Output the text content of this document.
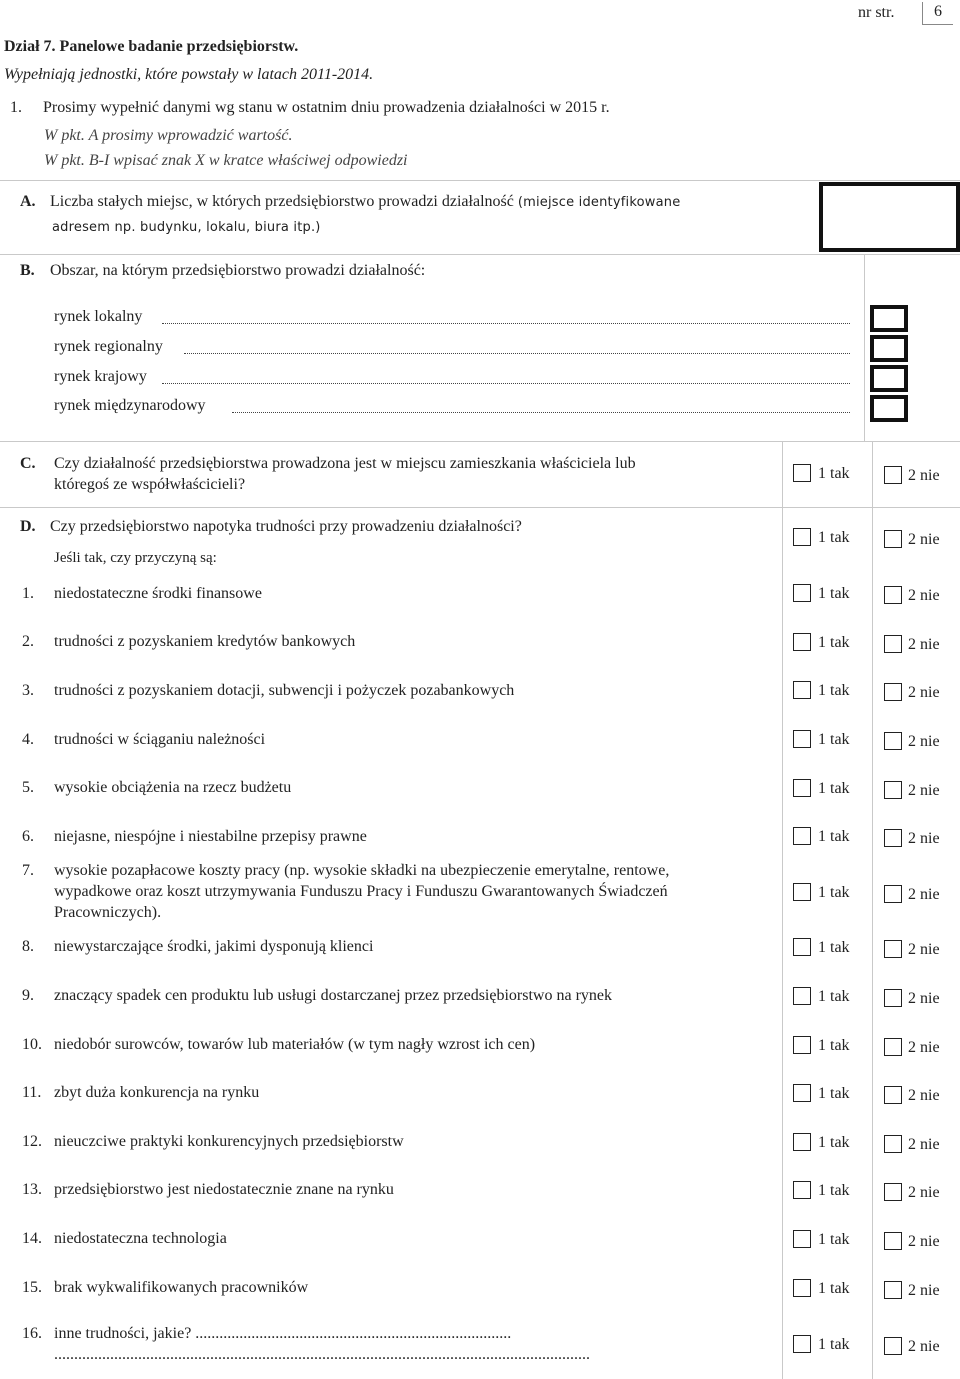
nr str. 6
Dział 7. Panelowe badanie przedsiębiorstw.
Wypełniają jednostki, które powstały w latach 2011-2014.
1. Prosimy wypełnić danymi wg stanu w ostatnim dniu prowadzenia działalności w 2015 r.
W pkt. A prosimy wprowadzić wartość.
W pkt. B-I wpisać znak X w kratce właściwej odpowiedzi
A. Liczba stałych miejsc, w których przedsiębiorstwo prowadzi działalność (miejsce identyfikowane
adresem np. budynku, lokalu, biura itp.)
B. Obszar, na którym przedsiębiorstwo prowadzi działalność:
rynek lokalny
rynek regionalny
rynek krajowy
rynek międzynarodowy
C. Czy działalność przedsiębiorstwa prowadzona jest w miejscu zamieszkania właściciela lub
któregoś ze współwłaścicieli?
1 tak	2 nie
D. Czy przedsiębiorstwo napotyka trudności przy prowadzeniu działalności?
Jeśli tak, czy przyczyną są:
1 tak	2 nie
1. niedostateczne środki finansowe	1 tak	2 nie
2. trudności z pozyskaniem kredytów bankowych	1 tak	2 nie
3. trudności z pozyskaniem dotacji, subwencji i pożyczek pozabankowych	1 tak	2 nie
4. trudności w ściąganiu należności	1 tak	2 nie
5. wysokie obciążenia na rzecz budżetu	1 tak	2 nie
6. niejasne, niespójne i niestabilne przepisy prawne	1 tak	2 nie
7. wysokie pozapłacowe koszty pracy (np. wysokie składki na ubezpieczenie emerytalne, rentowe,
wypadkowe oraz koszt utrzymywania Funduszu Pracy i Funduszu Gwarantowanych Świadczeń
Pracowniczych).
1 tak	2 nie
8. niewystarczające środki, jakimi dysponują klienci	1 tak	2 nie
9. znaczący spadek cen produktu lub usługi dostarczanej przez przedsiębiorstwo na rynek	1 tak	2 nie
10. niedobór surowców, towarów lub materiałów (w tym nagły wzrost ich cen)	1 tak	2 nie
11. zbyt duża konkurencja na rynku	1 tak	2 nie
12. nieuczciwe praktyki konkurencyjnych przedsiębiorstw	1 tak	2 nie
13. przedsiębiorstwo jest niedostatecznie znane na rynku	1 tak	2 nie
14. niedostateczna technologia	1 tak	2 nie
15. brak wykwalifikowanych pracowników	1 tak	2 nie
16. inne trudności, jakie? ...............................................................................
......................................................................................................................................
1 tak	2 nie
